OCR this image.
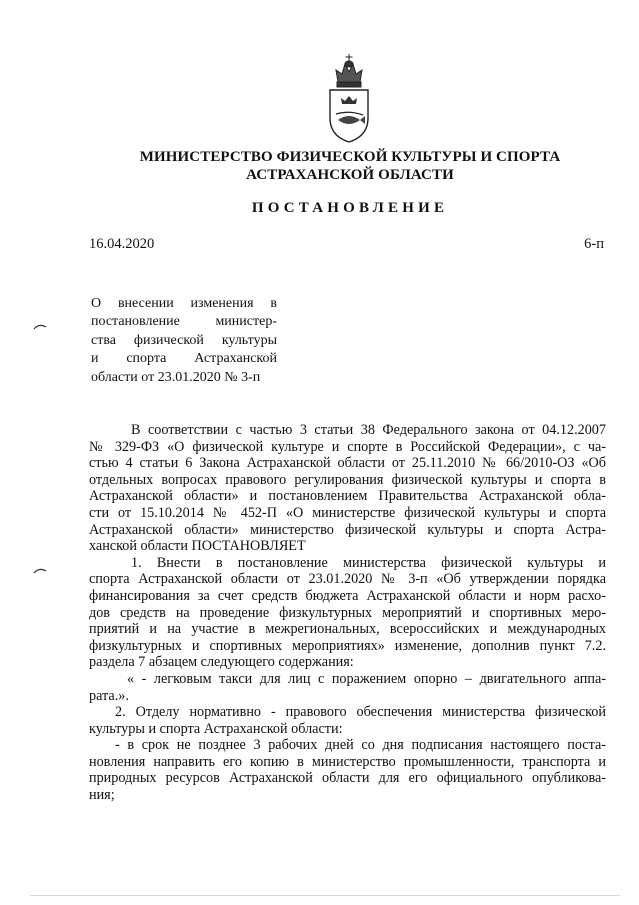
МИНИСТЕРСТВО ФИЗИЧЕСКОЙ КУЛЬТУРЫ И СПОРТА
АСТРАХАНСКОЙ ОБЛАСТИ
ПОСТАНОВЛЕНИЕ
16.04.2020	6-п
О внесении изменения в
постановление министер-
ства физической культуры
и спорта Астраханской
области от 23.01.2020 № 3-п
В соответствии с частью 3 статьи 38 Федерального закона от 04.12.2007
№ 329-ФЗ «О физической культуре и спорте в Российской Федерации», с ча-
стью 4 статьи 6 Закона Астраханской области от 25.11.2010 № 66/2010-ОЗ «Об
отдельных вопросах правового регулирования физической культуры и спорта в
Астраханской области» и постановлением Правительства Астраханской обла-
сти от 15.10.2014 № 452-П «О министерстве физической культуры и спорта
Астраханской области» министерство физической культуры и спорта Астра-
ханской области ПОСТАНОВЛЯЕТ
1. Внести в постановление министерства физической культуры и
спорта Астраханской области от 23.01.2020 № 3-п «Об утверждении порядка
финансирования за счет средств бюджета Астраханской области и норм расхо-
дов средств на проведение физкультурных мероприятий и спортивных меро-
приятий и на участие в межрегиональных, всероссийских и международных
физкультурных и спортивных мероприятиях» изменение, дополнив пункт 7.2.
раздела 7 абзацем следующего содержания:
« - легковым такси для лиц с поражением опорно – двигательного аппа-
рата.».
2. Отделу нормативно - правового обеспечения министерства физической
культуры и спорта Астраханской области:
- в срок не позднее 3 рабочих дней со дня подписания настоящего поста-
новления направить его копию в министерство промышленности, транспорта и
природных ресурсов Астраханской области для его официального опубликова-
ния;
